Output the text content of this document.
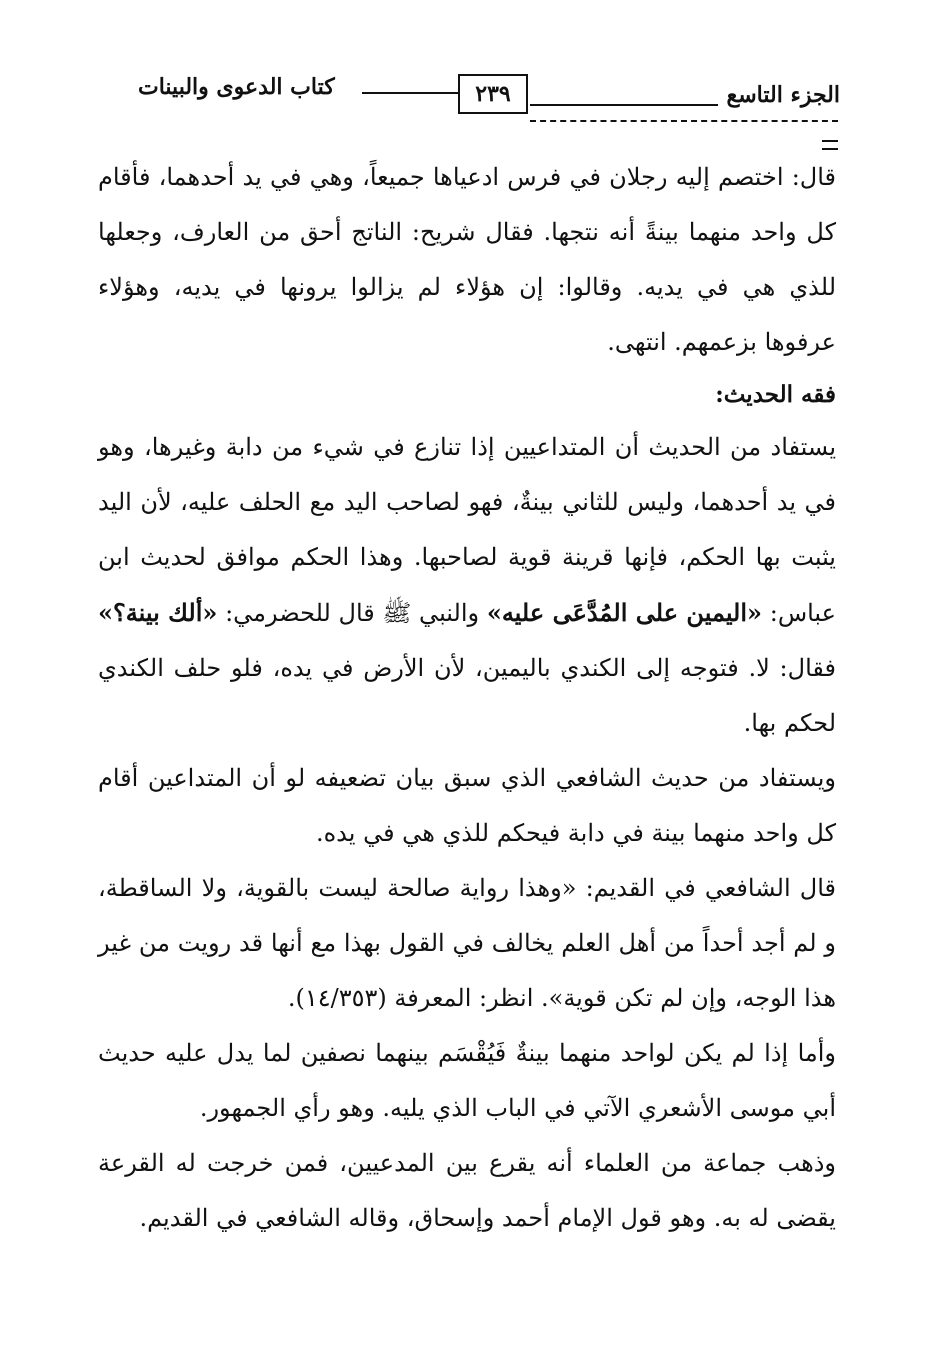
الجزء التاسع
٢٣٩
كتاب الدعوى والبينات

قال: اختصم إليه رجلان في فرس ادعياها جميعاً، وهي في يد أحدهما، فأقام كل واحد منهما بينةً أنه نتجها. فقال شريح: الناتج أحق من العارف، وجعلها للذي هي في يديه. وقالوا: إن هؤلاء لم يزالوا يرونها في يديه، وهؤلاء عرفوها بزعمهم. انتهى.

فقه الحديث:

يستفاد من الحديث أن المتداعيين إذا تنازع في شيء من دابة وغيرها، وهو في يد أحدهما، وليس للثاني بينةٌ، فهو لصاحب اليد مع الحلف عليه، لأن اليد يثبت بها الحكم، فإنها قرينة قوية لصاحبها. وهذا الحكم موافق لحديث ابن عباس: «اليمين على المُدَّعَى عليه» والنبي ﷺ قال للحضرمي: «ألك بينة؟» فقال: لا. فتوجه إلى الكندي باليمين، لأن الأرض في يده، فلو حلف الكندي لحكم بها.

ويستفاد من حديث الشافعي الذي سبق بيان تضعيفه لو أن المتداعين أقام كل واحد منهما بينة في دابة فيحكم للذي هي في يده.

قال الشافعي في القديم: «وهذا رواية صالحة ليست بالقوية، ولا الساقطة، و لم أجد أحداً من أهل العلم يخالف في القول بهذا مع أنها قد رويت من غير هذا الوجه، وإن لم تكن قوية». انظر: المعرفة (١٤/٣٥٣).

وأما إذا لم يكن لواحد منهما بينةٌ فَيُقْسَم بينهما نصفين لما يدل عليه حديث أبي موسى الأشعري الآتي في الباب الذي يليه. وهو رأي الجمهور.

وذهب جماعة من العلماء أنه يقرع بين المدعيين، فمن خرجت له القرعة يقضى له به. وهو قول الإمام أحمد وإسحاق، وقاله الشافعي في القديم.
